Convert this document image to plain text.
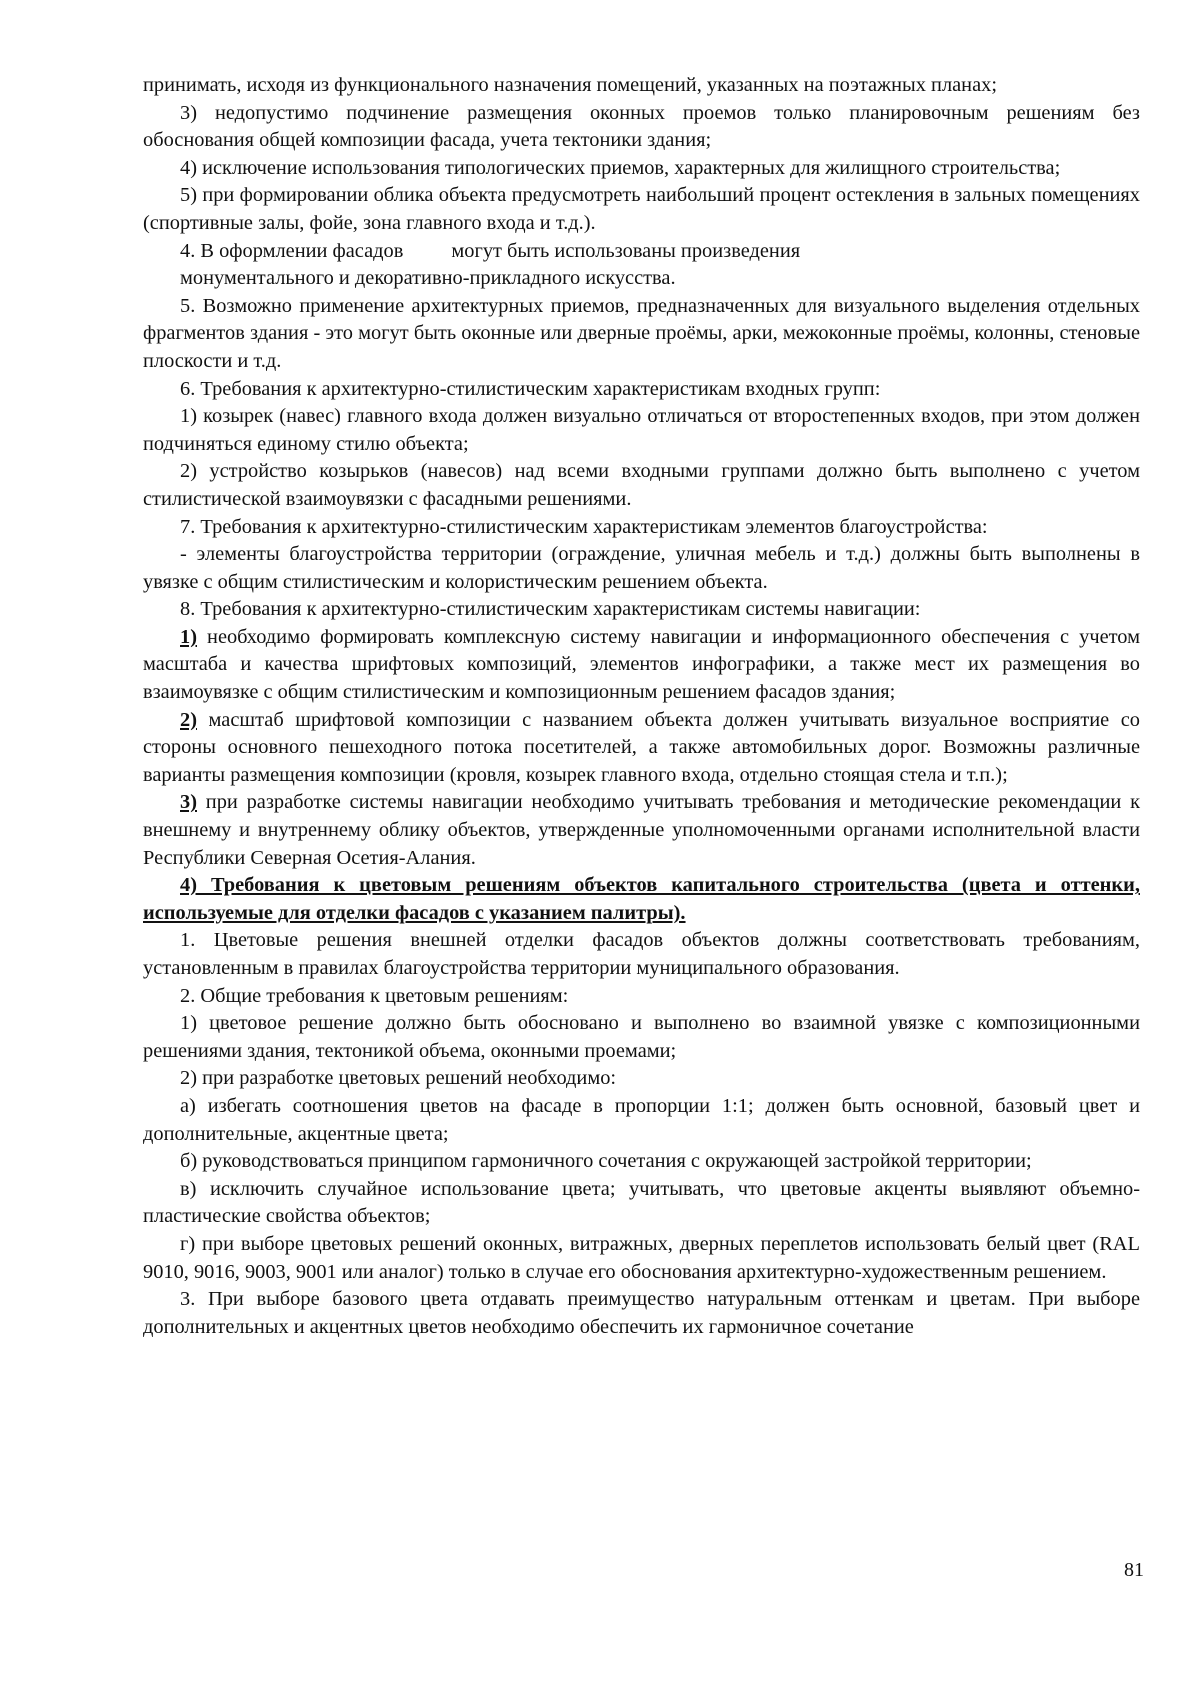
принимать, исходя из функционального назначения помещений, указанных на поэтажных планах;

3) недопустимо подчинение размещения оконных проемов только планировочным решениям без обоснования общей композиции фасада, учета тектоники здания;

4) исключение использования типологических приемов, характерных для жилищного строительства;

5) при формировании облика объекта предусмотреть наибольший процент остекления в зальных помещениях (спортивные залы, фойе, зона главного входа и т.д.).

4. В оформлении фасадов могут быть использованы произведения

монументального и декоративно-прикладного искусства.

5. Возможно применение архитектурных приемов, предназначенных для визуального выделения отдельных фрагментов здания - это могут быть оконные или дверные проёмы, арки, межоконные проёмы, колонны, стеновые плоскости и т.д.

6. Требования к архитектурно-стилистическим характеристикам входных групп:

1) козырек (навес) главного входа должен визуально отличаться от второстепенных входов, при этом должен подчиняться единому стилю объекта;

2) устройство козырьков (навесов) над всеми входными группами должно быть выполнено с учетом стилистической взаимоувязки с фасадными решениями.

7. Требования к архитектурно-стилистическим характеристикам элементов благоустройства:

- элементы благоустройства территории (ограждение, уличная мебель и т.д.) должны быть выполнены в увязке с общим стилистическим и колористическим решением объекта.

8. Требования к архитектурно-стилистическим характеристикам системы навигации:

1) необходимо формировать комплексную систему навигации и информационного обеспечения с учетом масштаба и качества шрифтовых композиций, элементов инфографики, а также мест их размещения во взаимоувязке с общим стилистическим и композиционным решением фасадов здания;

2) масштаб шрифтовой композиции с названием объекта должен учитывать визуальное восприятие со стороны основного пешеходного потока посетителей, а также автомобильных дорог. Возможны различные варианты размещения композиции (кровля, козырек главного входа, отдельно стоящая стела и т.п.);

3) при разработке системы навигации необходимо учитывать требования и методические рекомендации к внешнему и внутреннему облику объектов, утвержденные уполномоченными органами исполнительной власти Республики Северная Осетия-Алания.

4) Требования к цветовым решениям объектов капитального строительства (цвета и оттенки, используемые для отделки фасадов с указанием палитры).

1. Цветовые решения внешней отделки фасадов объектов должны соответствовать требованиям, установленным в правилах благоустройства территории муниципального образования.

2. Общие требования к цветовым решениям:

1) цветовое решение должно быть обосновано и выполнено во взаимной увязке с композиционными решениями здания, тектоникой объема, оконными проемами;

2) при разработке цветовых решений необходимо:

а) избегать соотношения цветов на фасаде в пропорции 1:1; должен быть основной, базовый цвет и дополнительные, акцентные цвета;

б) руководствоваться принципом гармоничного сочетания с окружающей застройкой территории;

в) исключить случайное использование цвета; учитывать, что цветовые акценты выявляют объемно-пластические свойства объектов;

г) при выборе цветовых решений оконных, витражных, дверных переплетов использовать белый цвет (RAL 9010, 9016, 9003, 9001 или аналог) только в случае его обоснования архитектурно-художественным решением.

3. При выборе базового цвета отдавать преимущество натуральным оттенкам и цветам. При выборе дополнительных и акцентных цветов необходимо обеспечить их гармоничное сочетание

81
